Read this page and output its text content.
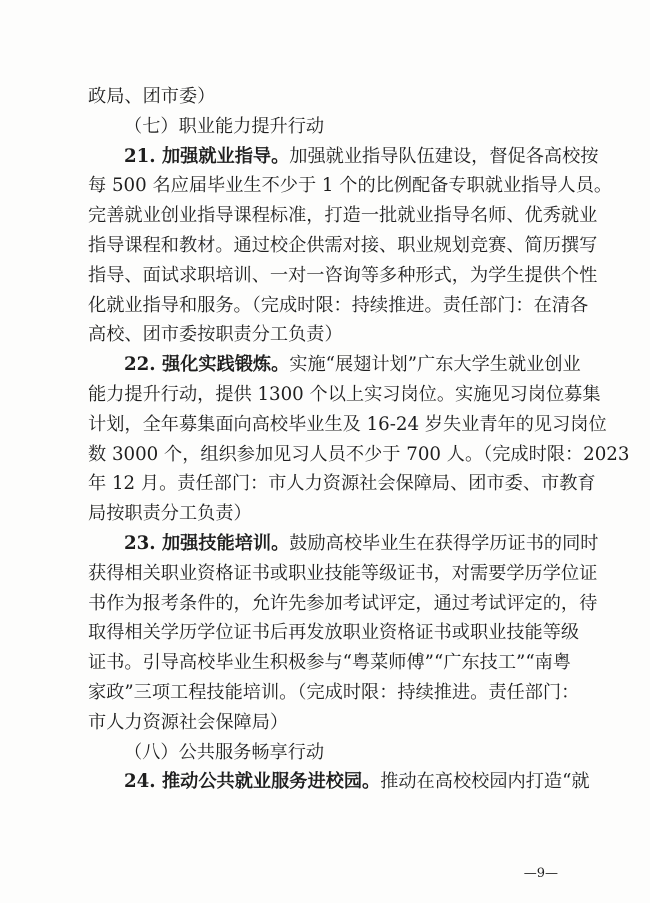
政局、团市委）
（七）职业能力提升行动
21. 加强就业指导。加强就业指导队伍建设，督促各高校按
每 500 名应届毕业生不少于 1 个的比例配备专职就业指导人员。
完善就业创业指导课程标准，打造一批就业指导名师、优秀就业
指导课程和教材。通过校企供需对接、职业规划竞赛、简历撰写
指导、面试求职培训、一对一咨询等多种形式，为学生提供个性
化就业指导和服务。（完成时限：持续推进。责任部门：在清各
高校、团市委按职责分工负责）
22. 强化实践锻炼。实施“展翅计划”广东大学生就业创业
能力提升行动，提供 1300 个以上实习岗位。实施见习岗位募集
计划，全年募集面向高校毕业生及 16-24 岁失业青年的见习岗位
数 3000 个，组织参加见习人员不少于 700 人。（完成时限：2023
年 12 月。责任部门：市人力资源社会保障局、团市委、市教育
局按职责分工负责）
23. 加强技能培训。鼓励高校毕业生在获得学历证书的同时
获得相关职业资格证书或职业技能等级证书，对需要学历学位证
书作为报考条件的，允许先参加考试评定，通过考试评定的，待
取得相关学历学位证书后再发放职业资格证书或职业技能等级
证书。引导高校毕业生积极参与“粤菜师傅”“广东技工”“南粤
家政”三项工程技能培训。（完成时限：持续推进。责任部门：
市人力资源社会保障局）
（八）公共服务畅享行动
24. 推动公共就业服务进校园。推动在高校校园内打造“就
—9—
